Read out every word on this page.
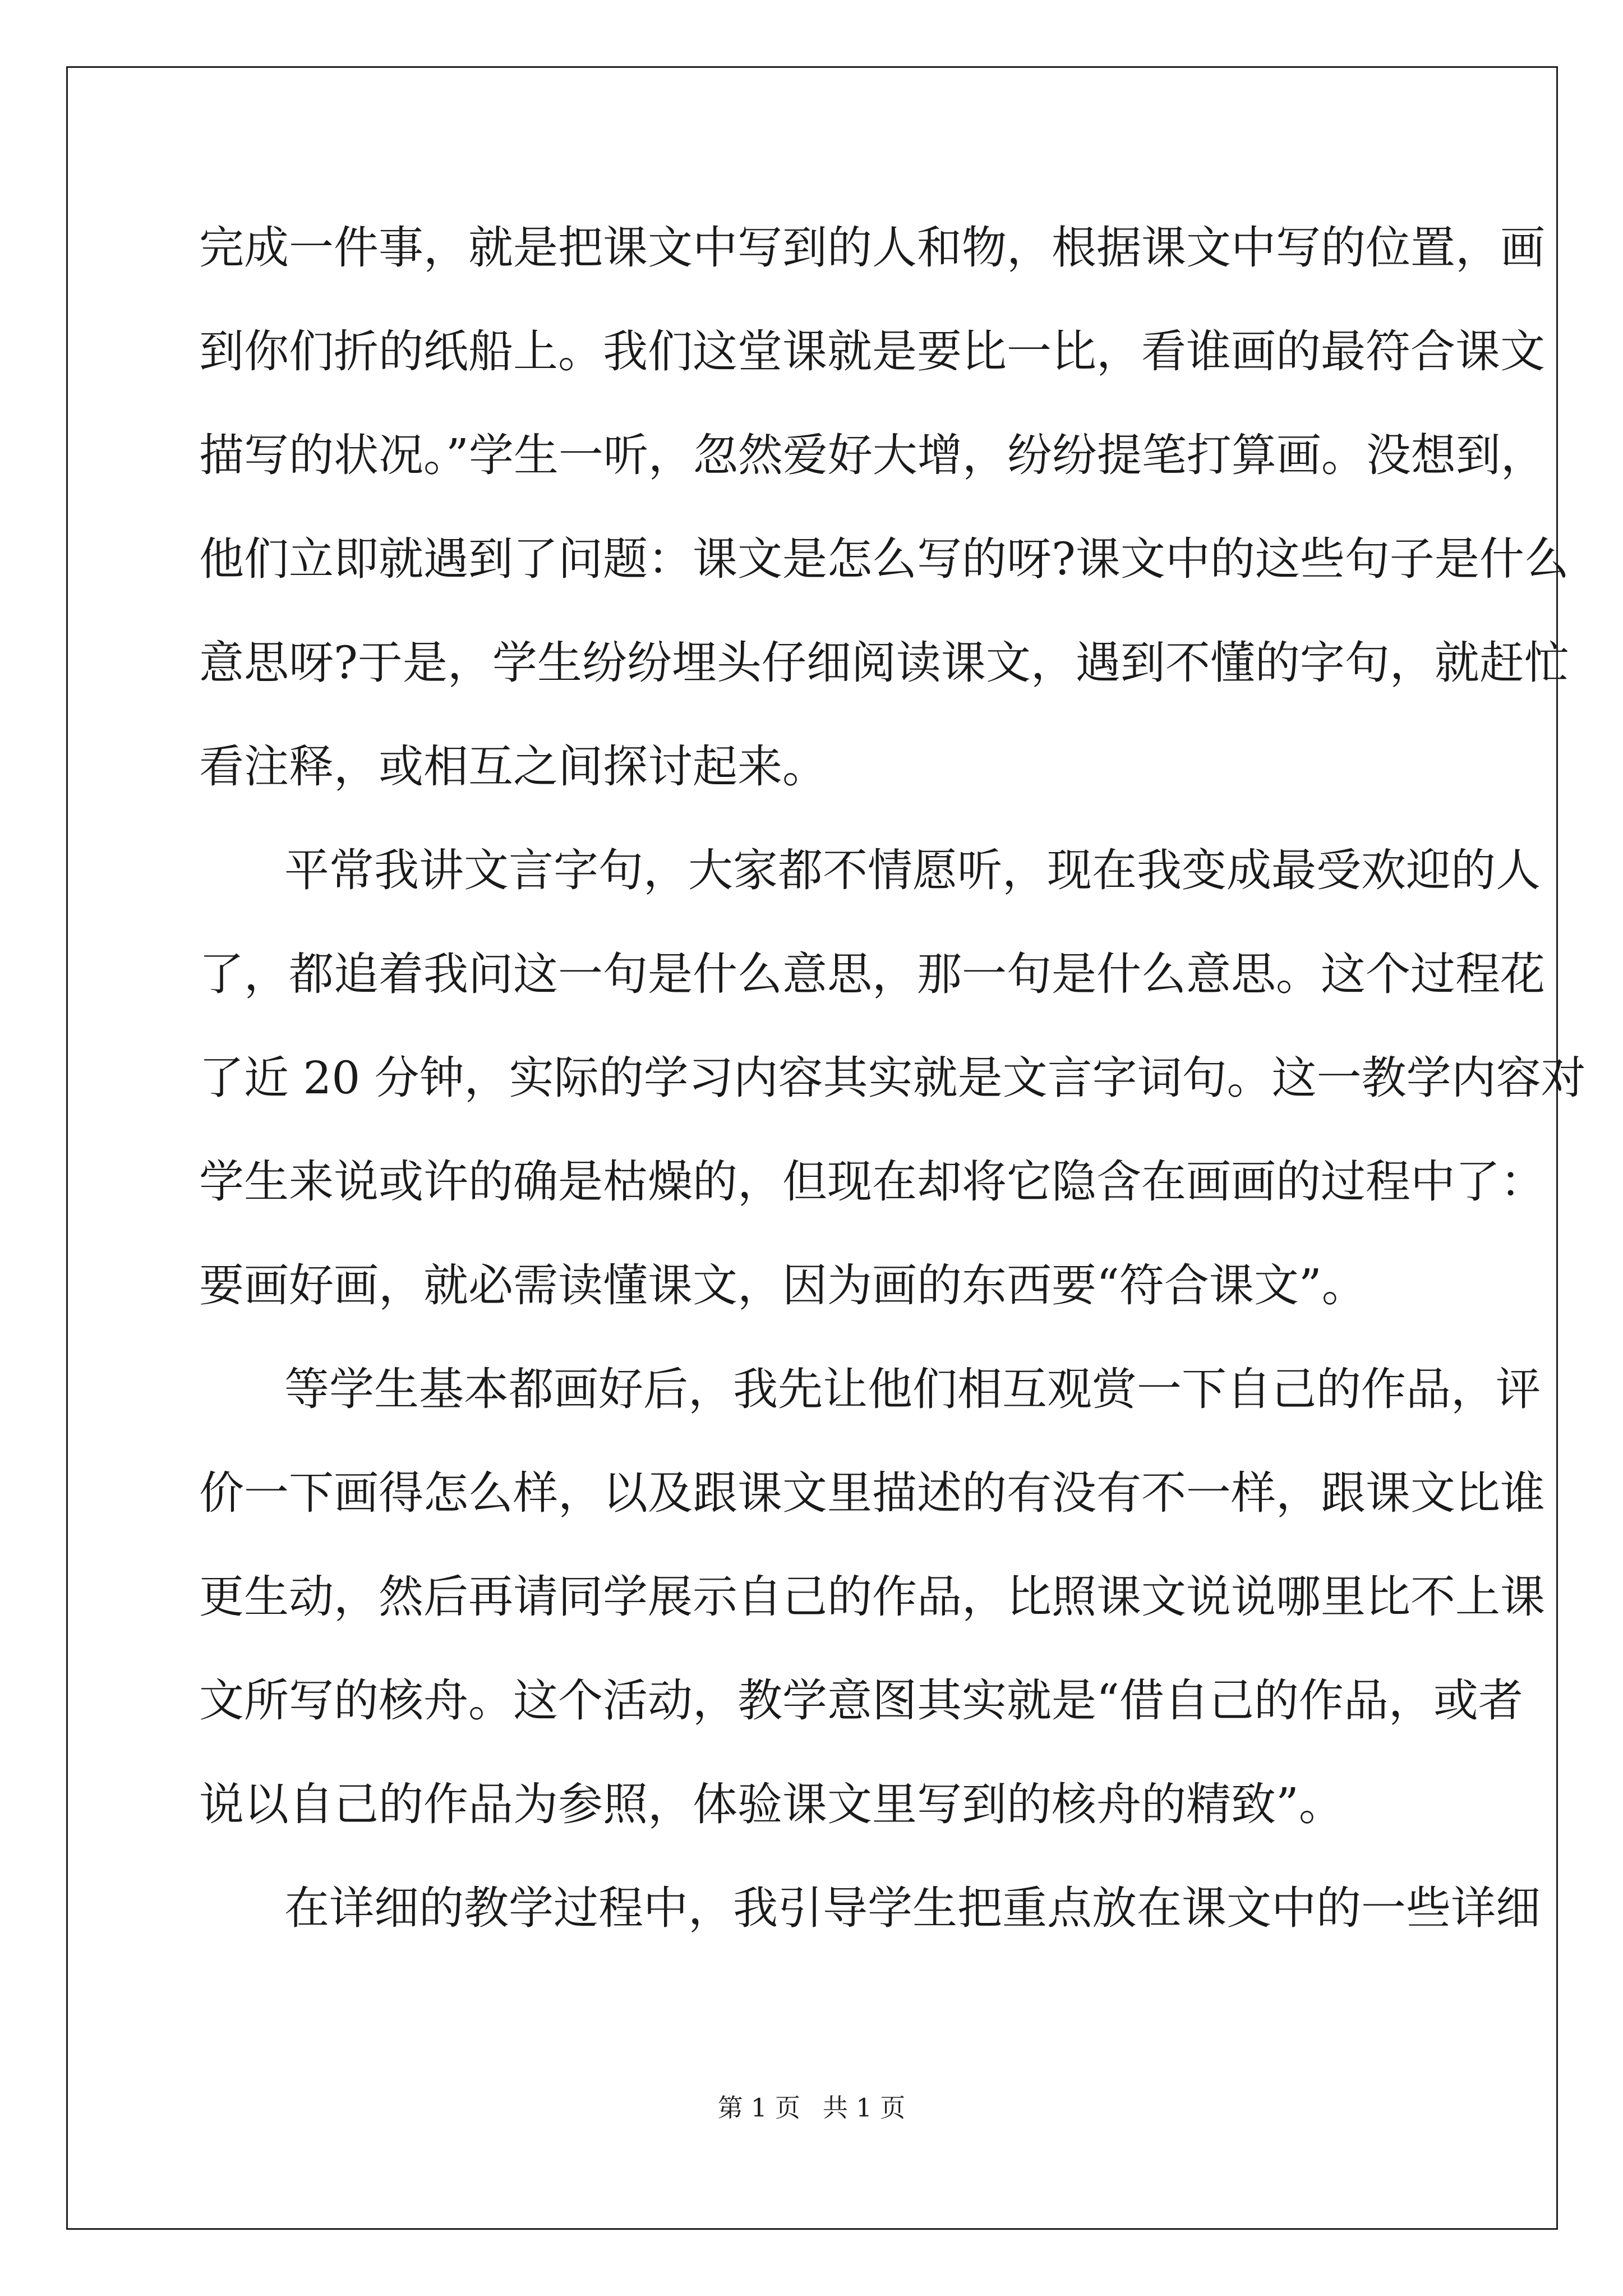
完成一件事，就是把课文中写到的人和物，根据课文中写的位置，画
到你们折的纸船上。我们这堂课就是要比一比，看谁画的最符合课文
描写的状况。”学生一听，忽然爱好大增，纷纷提笔打算画。没想到，
他们立即就遇到了问题：课文是怎么写的呀?课文中的这些句子是什么
意思呀?于是，学生纷纷埋头仔细阅读课文，遇到不懂的字句，就赶忙
看注释，或相互之间探讨起来。
平常我讲文言字句，大家都不情愿听，现在我变成最受欢迎的人
了，都追着我问这一句是什么意思，那一句是什么意思。这个过程花
了近 20 分钟，实际的学习内容其实就是文言字词句。这一教学内容对
学生来说或许的确是枯燥的，但现在却将它隐含在画画的过程中了：
要画好画，就必需读懂课文，因为画的东西要“符合课文”。
等学生基本都画好后，我先让他们相互观赏一下自己的作品，评
价一下画得怎么样，以及跟课文里描述的有没有不一样，跟课文比谁
更生动，然后再请同学展示自己的作品，比照课文说说哪里比不上课
文所写的核舟。这个活动，教学意图其实就是“借自己的作品，或者
说以自己的作品为参照，体验课文里写到的核舟的精致”。
在详细的教学过程中，我引导学生把重点放在课文中的一些详细
第 1 页 共 1 页
